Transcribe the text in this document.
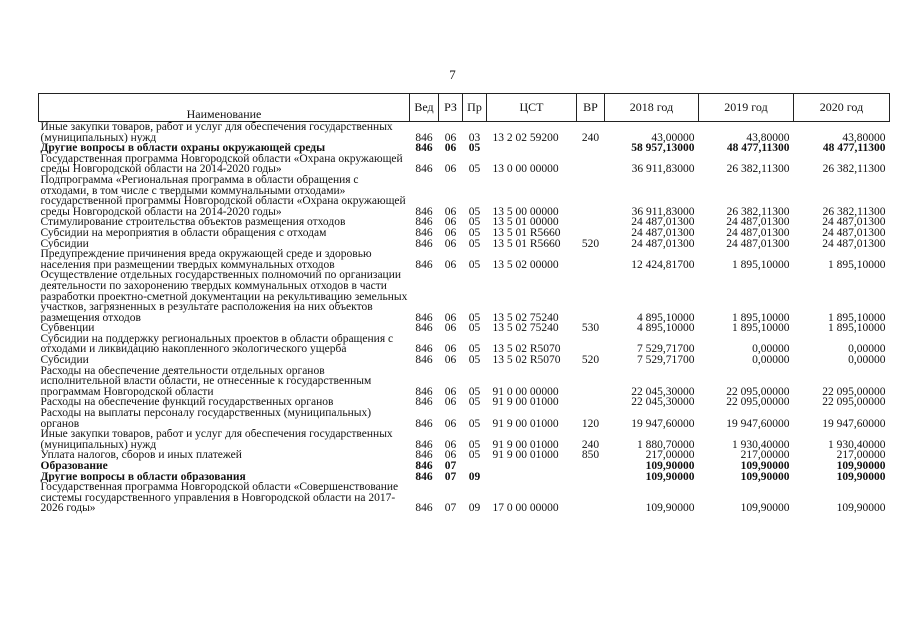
7
Наименование	Вед	РЗ	Пр	ЦСТ	ВР	2018 год	2019 год	2020 год
Иные закупки товаров, работ и услуг для обеспечения государственных (муниципальных) нужд	846	06	03	13 2 02 59200	240	43,00000	43,80000	43,80000
Другие вопросы в области охраны окружающей среды	846	06	05			58 957,13000	48 477,11300	48 477,11300
Государственная программа Новгородской области «Охрана окружающей среды Новгородской области на 2014-2020 годы»	846	06	05	13 0 00 00000		36 911,83000	26 382,11300	26 382,11300
Подпрограмма «Региональная программа в области обращения с отходами, в том числе с твердыми коммунальными отходами» государственной программы Новгородской области «Охрана окружающей среды Новгородской области на 2014-2020 годы»	846	06	05	13 5 00 00000		36 911,83000	26 382,11300	26 382,11300
Стимулирование строительства объектов размещения отходов	846	06	05	13 5 01 00000		24 487,01300	24 487,01300	24 487,01300
Субсидии на мероприятия в области обращения с отходам	846	06	05	13 5 01 R5660		24 487,01300	24 487,01300	24 487,01300
Субсидии	846	06	05	13 5 01 R5660	520	24 487,01300	24 487,01300	24 487,01300
Предупреждение причинения вреда окружающей среде и здоровью населения при размещении твердых коммунальных отходов	846	06	05	13 5 02 00000		12 424,81700	1 895,10000	1 895,10000
Осуществление отдельных государственных полномочий по организации деятельности по захоронению твердых коммунальных отходов в части разработки проектно-сметной документации на рекультивацию земельных участков, загрязненных в результате расположения на них объектов размещения отходов	846	06	05	13 5 02 75240		4 895,10000	1 895,10000	1 895,10000
Субвенции	846	06	05	13 5 02 75240	530	4 895,10000	1 895,10000	1 895,10000
Субсидии на поддержку региональных проектов в области обращения с отходами и ликвидацию накопленного экологического ущерба	846	06	05	13 5 02 R5070		7 529,71700	0,00000	0,00000
Субсидии	846	06	05	13 5 02 R5070	520	7 529,71700	0,00000	0,00000
Расходы на обеспечение деятельности отдельных органов исполнительной власти области, не отнесенные к государственным программам Новгородской области	846	06	05	91 0 00 00000		22 045,30000	22 095,00000	22 095,00000
Расходы на обеспечение функций государственных органов	846	06	05	91 9 00 01000		22 045,30000	22 095,00000	22 095,00000
Расходы на выплаты персоналу государственных (муниципальных) органов	846	06	05	91 9 00 01000	120	19 947,60000	19 947,60000	19 947,60000
Иные закупки товаров, работ и услуг для обеспечения государственных (муниципальных) нужд	846	06	05	91 9 00 01000	240	1 880,70000	1 930,40000	1 930,40000
Уплата налогов, сборов и иных платежей	846	06	05	91 9 00 01000	850	217,00000	217,00000	217,00000
Образование	846	07				109,90000	109,90000	109,90000
Другие вопросы в области образования	846	07	09			109,90000	109,90000	109,90000
Государственная программа Новгородской области «Совершенствование системы государственного управления в Новгородской области на 2017-2026 годы»	846	07	09	17 0 00 00000		109,90000	109,90000	109,90000
